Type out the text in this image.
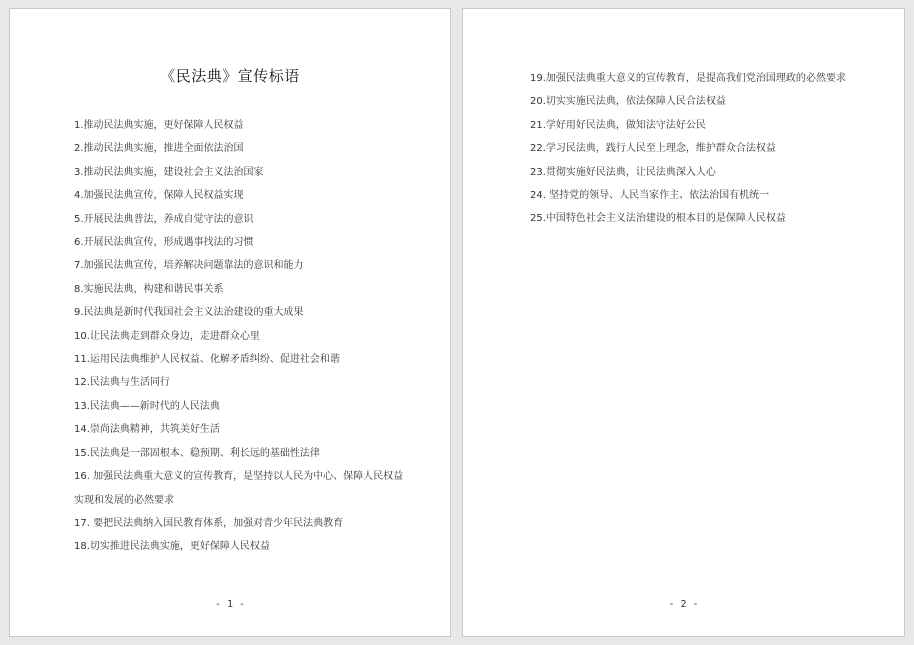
《民法典》宣传标语
1.推动民法典实施，更好保障人民权益
2.推动民法典实施，推进全面依法治国
3.推动民法典实施，建设社会主义法治国家
4.加强民法典宣传，保障人民权益实现
5.开展民法典普法，养成自觉守法的意识
6.开展民法典宣传，形成遇事找法的习惯
7.加强民法典宣传，培养解决问题靠法的意识和能力
8.实施民法典，构建和谐民事关系
9.民法典是新时代我国社会主义法治建设的重大成果
10.让民法典走到群众身边，走进群众心里
11.运用民法典维护人民权益、化解矛盾纠纷、促进社会和谐
12.民法典与生活同行
13.民法典——新时代的人民法典
14.崇尚法典精神，共筑美好生活
15.民法典是一部固根本、稳预期、利长远的基础性法律
16. 加强民法典重大意义的宣传教育，是坚持以人民为中心、保障人民权益实现和发展的必然要求
17. 要把民法典纳入国民教育体系，加强对青少年民法典教育
18.切实推进民法典实施，更好保障人民权益
- 1 -
19.加强民法典重大意义的宣传教育，是提高我们党治国理政的必然要求
20.切实实施民法典，依法保障人民合法权益
21.学好用好民法典，做知法守法好公民
22.学习民法典，践行人民至上理念，维护群众合法权益
23.贯彻实施好民法典，让民法典深入人心
24. 坚持党的领导、人民当家作主、依法治国有机统一
25.中国特色社会主义法治建设的根本目的是保障人民权益
- 2 -
